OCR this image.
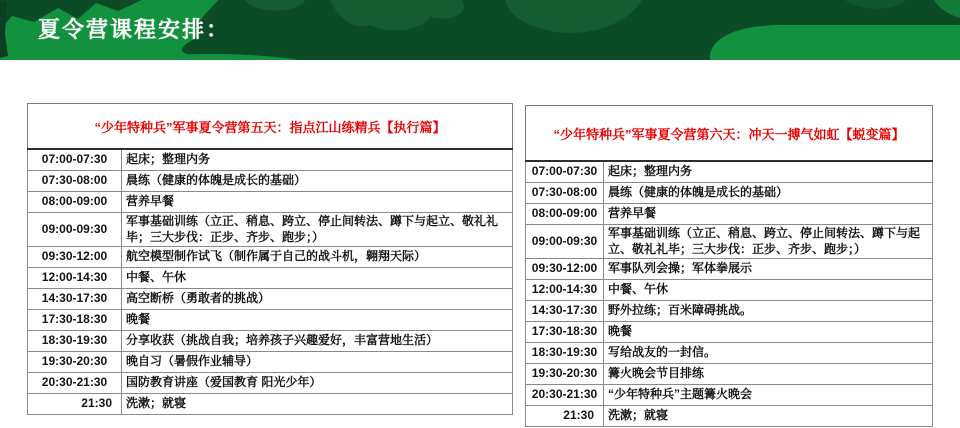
夏令营课程安排：
“少年特种兵”军事夏令营第五天：指点江山练精兵【执行篇】	
07:00-07:30	起床；整理内务
07:30-08:00	晨练（健康的体魄是成长的基础）
08:00-09:00	营养早餐
09:00-09:30	军事基础训练（立正、稍息、跨立、停止间转法、蹲下与起立、敬礼礼毕；三大步伐：正步、齐步、跑步；）
09:30-12:00	航空模型制作试飞（制作属于自己的战斗机，翱翔天际）
12:00-14:30	中餐、午休
14:30-17:30	高空断桥（勇敢者的挑战）
17:30-18:30	晚餐
18:30-19:30	分享收获（挑战自我；培养孩子兴趣爱好，丰富营地生活）
19:30-20:30	晚自习（暑假作业辅导）
20:30-21:30	国防教育讲座（爱国教育 阳光少年）
21:30	洗漱；就寝
“少年特种兵”军事夏令营第六天：冲天一搏气如虹【蜕变篇】	
07:00-07:30	起床；整理内务
07:30-08:00	晨练（健康的体魄是成长的基础）
08:00-09:00	营养早餐
09:00-09:30	军事基础训练（立正、稍息、跨立、停止间转法、蹲下与起立、敬礼礼毕；三大步伐：正步、齐步、跑步；）
09:30-12:00	军事队列会操；军体拳展示
12:00-14:30	中餐、午休
14:30-17:30	野外拉练；百米障碍挑战。
17:30-18:30	晚餐
18:30-19:30	写给战友的一封信。
19:30-20:30	篝火晚会节目排练
20:30-21:30	“少年特种兵”主题篝火晚会
21:30	洗漱；就寝
